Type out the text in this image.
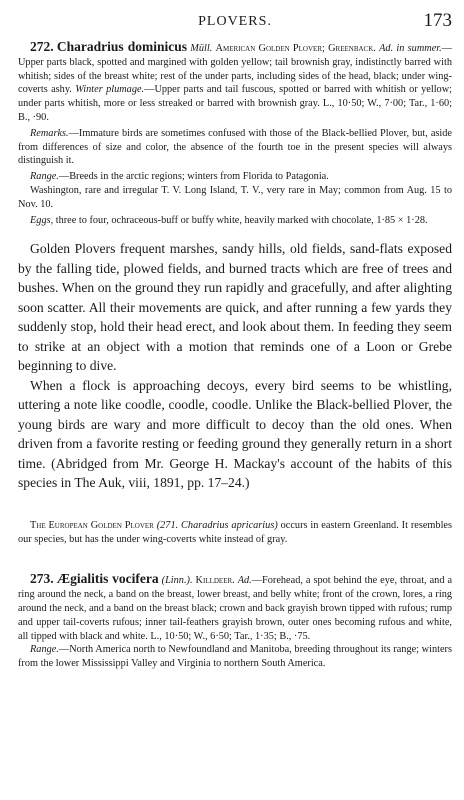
PLOVERS.	173

272. Charadrius dominicus Müll. American Golden Plover; Greenback. Ad. in summer.—Upper parts black, spotted and margined with golden yellow; tail brownish gray, indistinctly barred with whitish; sides of the breast white; rest of the under parts, including sides of the head, black; under wing-coverts ashy. Winter plumage.—Upper parts and tail fuscous, spotted or barred with whitish or yellow; under parts whitish, more or less streaked or barred with brownish gray. L., 10·50; W., 7·00; Tar., 1·60; B., ·90.

Remarks.—Immature birds are sometimes confused with those of the Black-bellied Plover, but, aside from differences of size and color, the absence of the fourth toe in the present species will always distinguish it.

Range.—Breeds in the arctic regions; winters from Florida to Patagonia.

Washington, rare and irregular T. V. Long Island, T. V., very rare in May; common from Aug. 15 to Nov. 10.

Eggs, three to four, ochraceous-buff or buffy white, heavily marked with chocolate, 1·85 × 1·28.

Golden Plovers frequent marshes, sandy hills, old fields, sand-flats exposed by the falling tide, plowed fields, and burned tracts which are free of trees and bushes. When on the ground they run rapidly and gracefully, and after alighting soon scatter. All their movements are quick, and after running a few yards they suddenly stop, hold their head erect, and look about them. In feeding they seem to strike at an object with a motion that reminds one of a Loon or Grebe beginning to dive.

When a flock is approaching decoys, every bird seems to be whistling, uttering a note like coodle, coodle, coodle. Unlike the Black-bellied Plover, the young birds are wary and more difficult to decoy than the old ones. When driven from a favorite resting or feeding ground they generally return in a short time. (Abridged from Mr. George H. Mackay's account of the habits of this species in The Auk, viii, 1891, pp. 17–24.)

The European Golden Plover (271. Charadrius apricarius) occurs in eastern Greenland. It resembles our species, but has the under wing-coverts white instead of gray.

273. Ægialitis vocifera (Linn.). Killdeer. Ad.—Forehead, a spot behind the eye, throat, and a ring around the neck, a band on the breast, lower breast, and belly white; front of the crown, lores, a ring around the neck, and a band on the breast black; crown and back grayish brown tipped with rufous; rump and upper tail-coverts rufous; inner tail-feathers grayish brown, outer ones becoming rufous and white, all tipped with black and white. L., 10·50; W., 6·50; Tar., 1·35; B., ·75.

Range.—North America north to Newfoundland and Manitoba, breeding throughout its range; winters from the lower Mississippi Valley and Virginia to northern South America.
